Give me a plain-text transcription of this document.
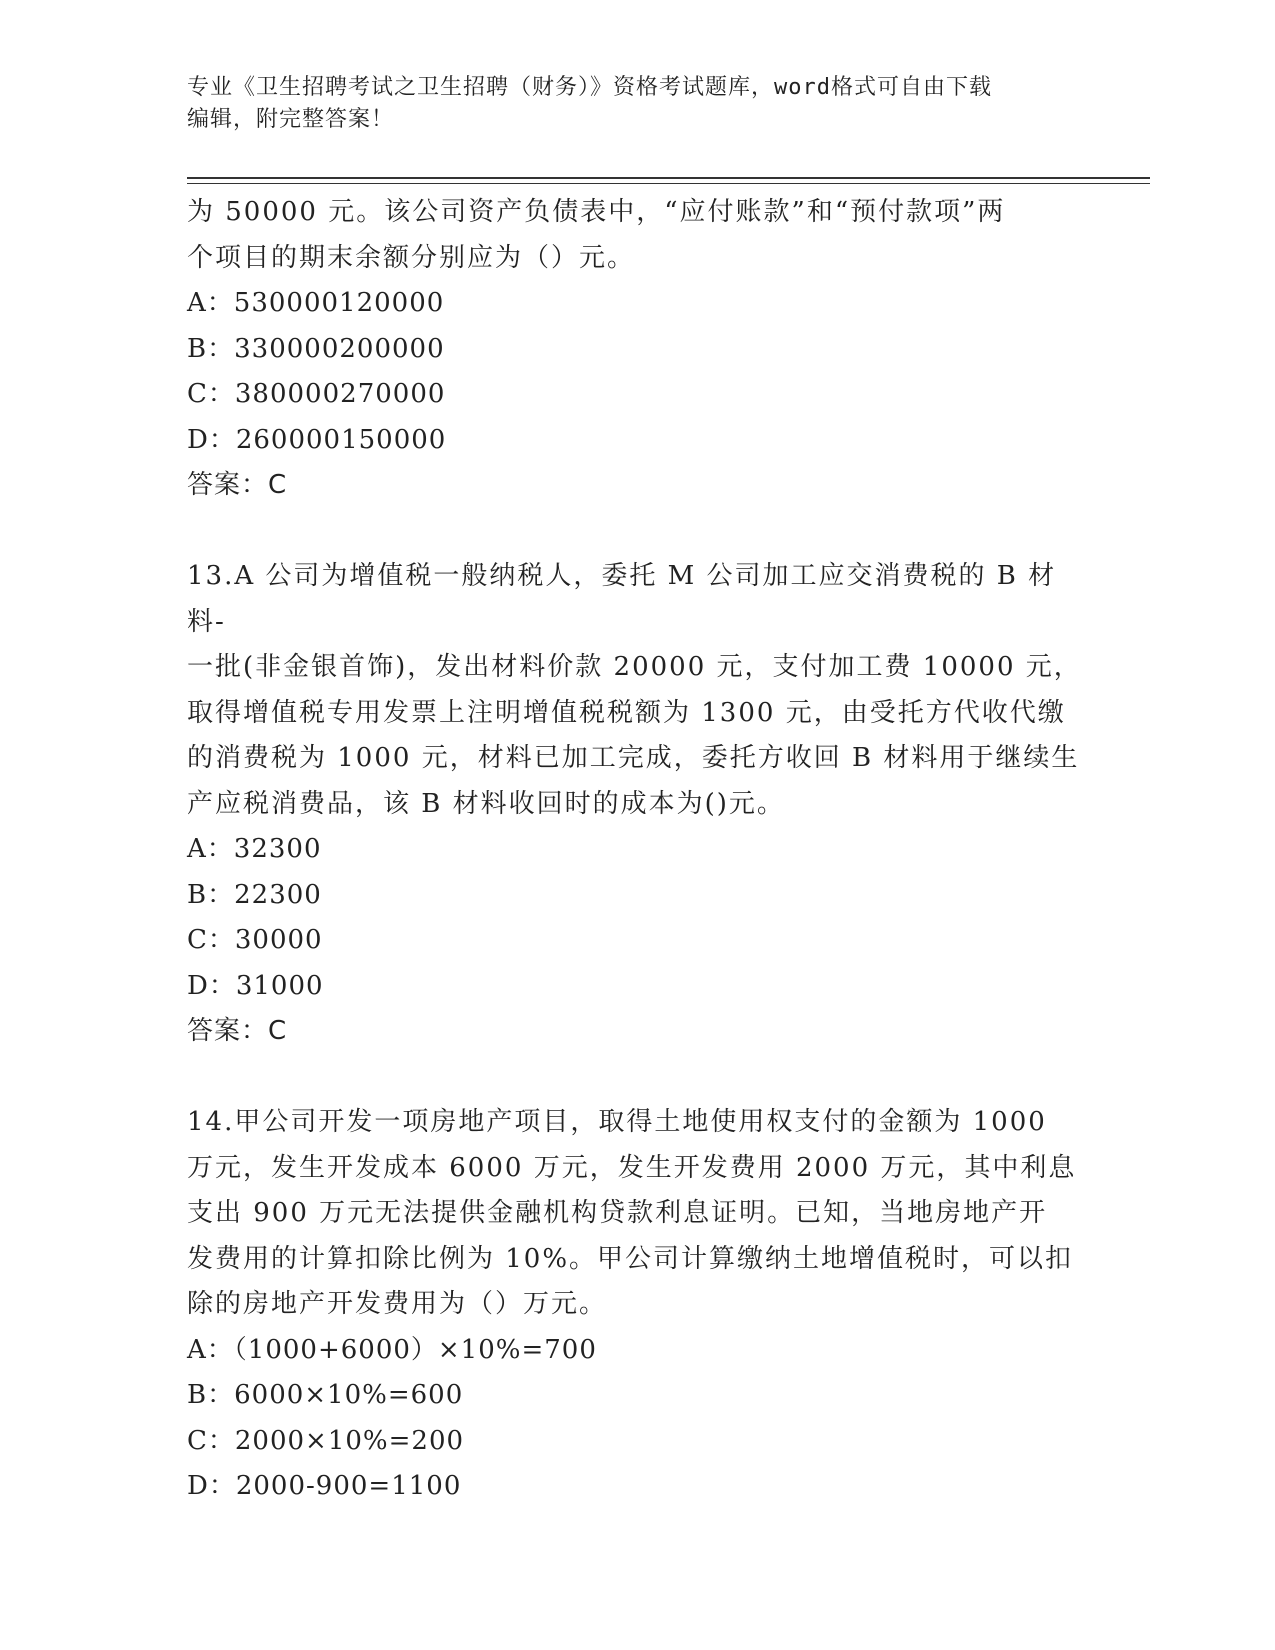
专业《卫生招聘考试之卫生招聘（财务）》资格考试题库，word格式可自由下载
编辑，附完整答案！
为 50000 元。该公司资产负债表中，“应付账款”和“预付款项”两
个项目的期末余额分别应为（）元。
A：530000120000
B：330000200000
C：380000270000
D：260000150000
答案：C
13.A 公司为增值税一般纳税人，委托 M 公司加工应交消费税的 B 材料-
一批(非金银首饰)，发出材料价款 20000 元，支付加工费 10000 元，
取得增值税专用发票上注明增值税税额为 1300 元，由受托方代收代缴
的消费税为 1000 元，材料已加工完成，委托方收回 B 材料用于继续生
产应税消费品，该 B 材料收回时的成本为()元。
A：32300
B：22300
C：30000
D：31000
答案：C
14.甲公司开发一项房地产项目，取得土地使用权支付的金额为 1000
万元，发生开发成本 6000 万元，发生开发费用 2000 万元，其中利息
支出 900 万元无法提供金融机构贷款利息证明。已知，当地房地产开
发费用的计算扣除比例为 10%。甲公司计算缴纳土地增值税时，可以扣
除的房地产开发费用为（）万元。
A：（1000+6000）×10%=700
B：6000×10%=600
C：2000×10%=200
D：2000-900=1100
